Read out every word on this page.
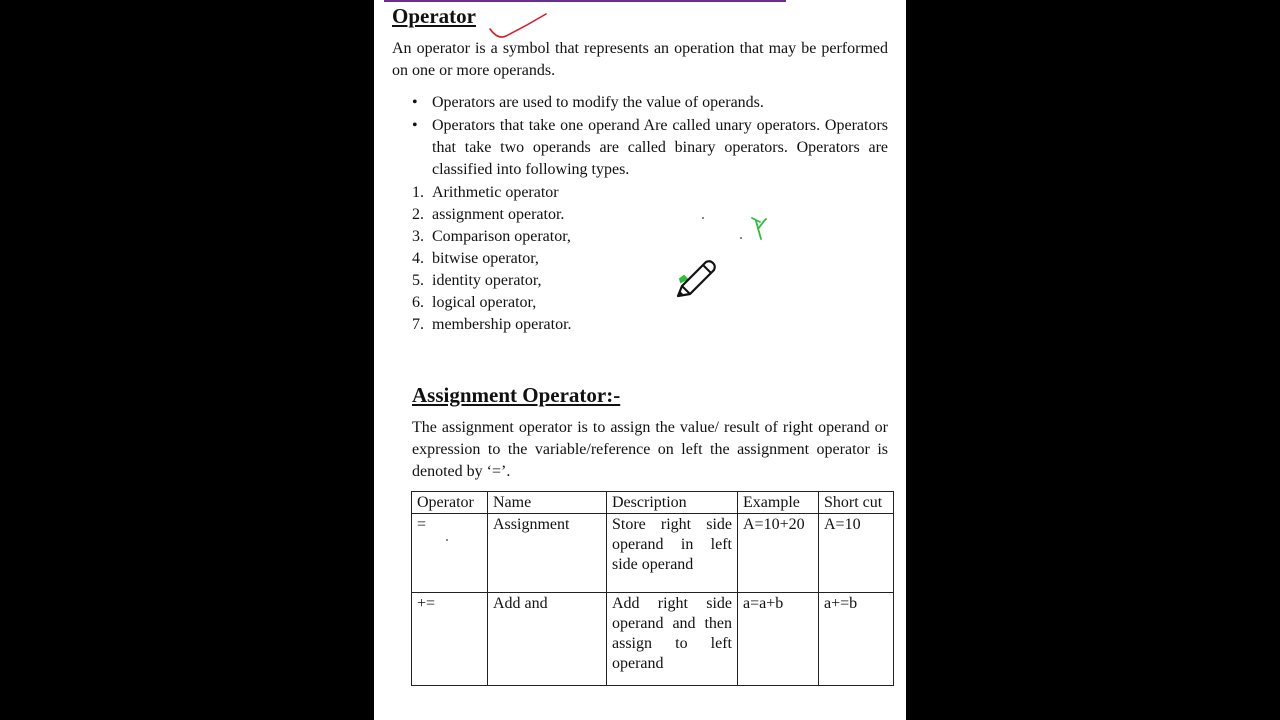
Operator
An operator is a symbol that represents an operation that may be performed on one or more operands.
• Operators are used to modify the value of operands.
• Operators that take one operand Are called unary operators. Operators that take two operands are called binary operators. Operators are classified into following types.
1. Arithmetic operator
2. assignment operator.
3. Comparison operator,
4. bitwise operator,
5. identity operator,
6. logical operator,
7. membership operator.
Assignment Operator:-
The assignment operator is to assign the value/ result of right operand or expression to the variable/reference on left the assignment operator is denoted by ‘=’.
Operator	Name	Description	Example	Short cut
=	Assignment	Store right side operand in left side operand	A=10+20	A=10
+=	Add and	Add right side operand and then assign to left operand	a=a+b	a+=b
